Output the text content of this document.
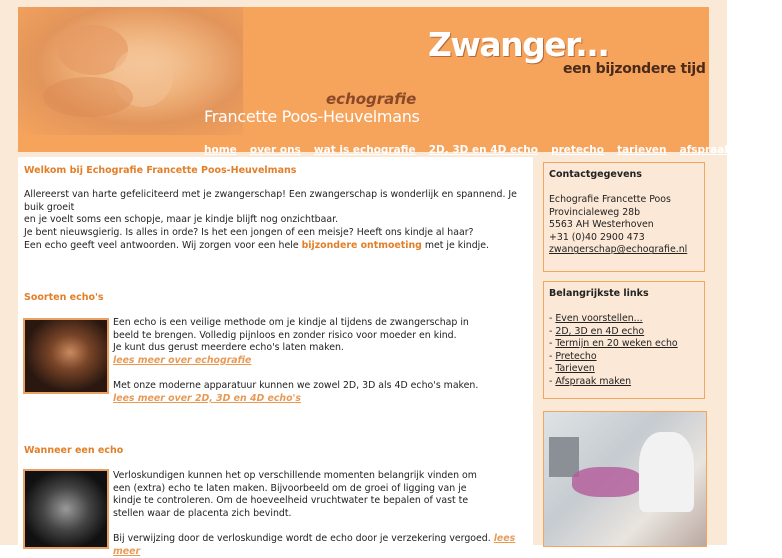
echografie
Francette Poos-Heuvelmans
Zwanger...
een bijzondere tijd
home over ons wat is echografie 2D, 3D en 4D echo pretecho tarieven afspraak maken
Welkom bij Echografie Francette Poos-Heuvelmans

Allereerst van harte gefeliciteerd met je zwangerschap! Een zwangerschap is wonderlijk en spannend. Je buik groeit

en je voelt soms een schopje, maar je kindje blijft nog onzichtbaar.

Je bent nieuwsgierig. Is alles in orde? Is het een jongen of een meisje? Heeft ons kindje al haar?

Een echo geeft veel antwoorden. Wij zorgen voor een hele bijzondere ontmoeting met je kindje.

Soorten echo's

Een echo is een veilige methode om je kindje al tijdens de zwangerschap in

beeld te brengen. Volledig pijnloos en zonder risico voor moeder en kind.

Je kunt dus gerust meerdere echo's laten maken.

lees meer over echografie

Met onze moderne apparatuur kunnen we zowel 2D, 3D als 4D echo's maken.

lees meer over 2D, 3D en 4D echo's

Wanneer een echo

Verloskundigen kunnen het op verschillende momenten belangrijk vinden om

een (extra) echo te laten maken. Bijvoorbeeld om de groei of ligging van je

kindje te controleren. Om de hoeveelheid vruchtwater te bepalen of vast te

stellen waar de placenta zich bevindt.

Bij verwijzing door de verloskundige wordt de echo door je verzekering vergoed. lees meer

Contactgegevens
Echografie Francette Poos
Provincialeweg 28b
5563 AH Westerhoven
+31 (0)40 2900 473
zwangerschap@echografie.nl
Belangrijkste links
- Even voorstellen...
- 2D, 3D en 4D echo
- Termijn en 20 weken echo
- Pretecho
- Tarieven
- Afspraak maken
